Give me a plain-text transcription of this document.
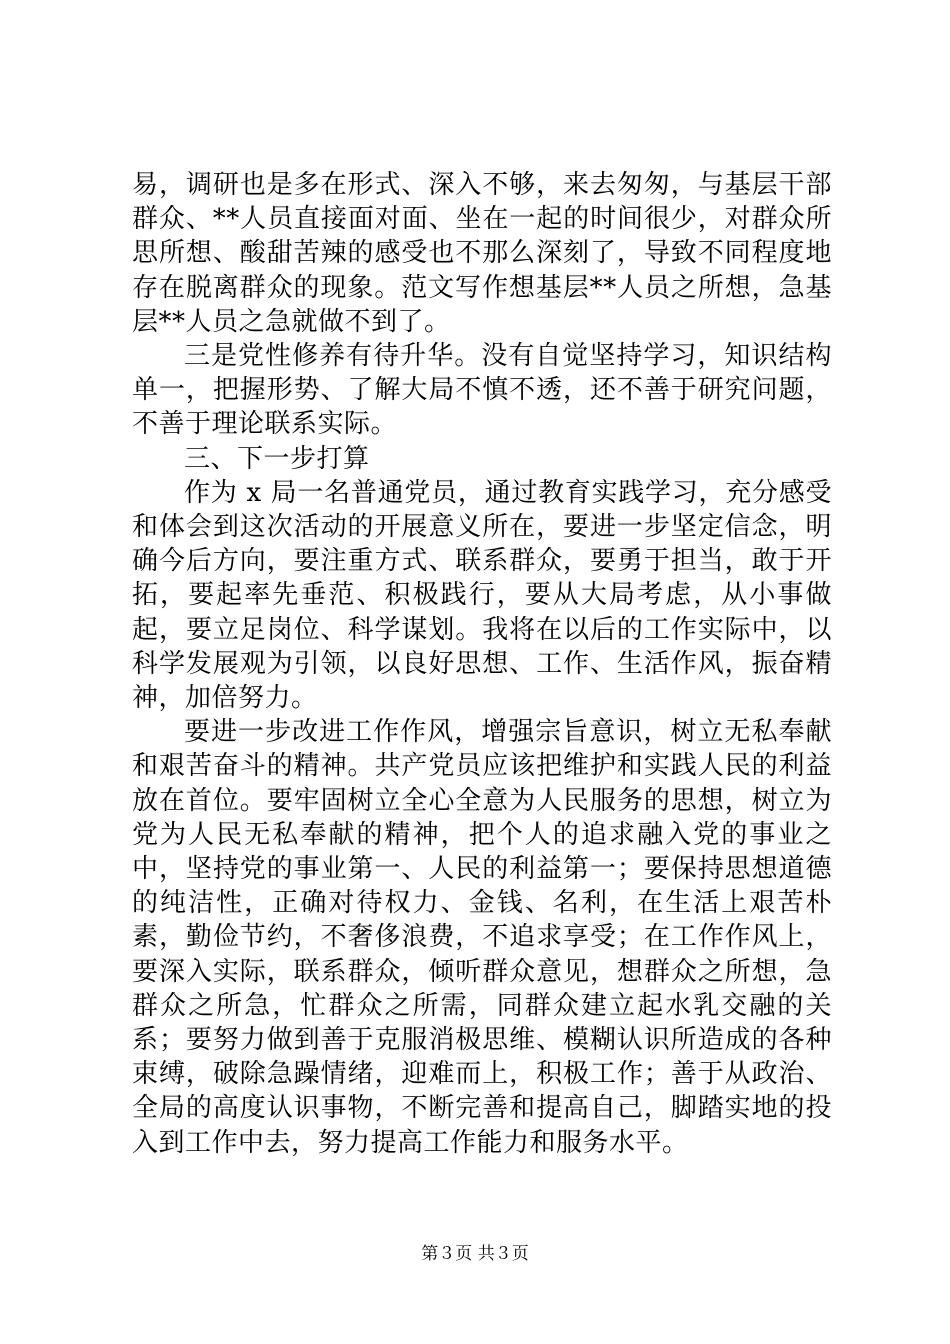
易，调研也是多在形式、深入不够，来去匆匆，与基层干部群众、**人员直接面对面、坐在一起的时间很少，对群众所思所想、酸甜苦辣的感受也不那么深刻了，导致不同程度地存在脱离群众的现象。范文写作想基层**人员之所想，急基层**人员之急就做不到了。

三是党性修养有待升华。没有自觉坚持学习，知识结构单一，把握形势、了解大局不慎不透，还不善于研究问题，不善于理论联系实际。

三、下一步打算

作为 x 局一名普通党员，通过教育实践学习，充分感受和体会到这次活动的开展意义所在，要进一步坚定信念，明确今后方向，要注重方式、联系群众，要勇于担当，敢于开拓，要起率先垂范、积极践行，要从大局考虑，从小事做起，要立足岗位、科学谋划。我将在以后的工作实际中，以科学发展观为引领，以良好思想、工作、生活作风，振奋精神，加倍努力。

要进一步改进工作作风，增强宗旨意识，树立无私奉献和艰苦奋斗的精神。共产党员应该把维护和实践人民的利益放在首位。要牢固树立全心全意为人民服务的思想，树立为党为人民无私奉献的精神，把个人的追求融入党的事业之中，坚持党的事业第一、人民的利益第一；要保持思想道德的纯洁性，正确对待权力、金钱、名利，在生活上艰苦朴素，勤俭节约，不奢侈浪费，不追求享受；在工作作风上，要深入实际，联系群众，倾听群众意见，想群众之所想，急群众之所急，忙群众之所需，同群众建立起水乳交融的关系；要努力做到善于克服消极思维、模糊认识所造成的各种束缚，破除急躁情绪，迎难而上，积极工作；善于从政治、全局的高度认识事物，不断完善和提高自己，脚踏实地的投入到工作中去，努力提高工作能力和服务水平。

第３页 共３页
